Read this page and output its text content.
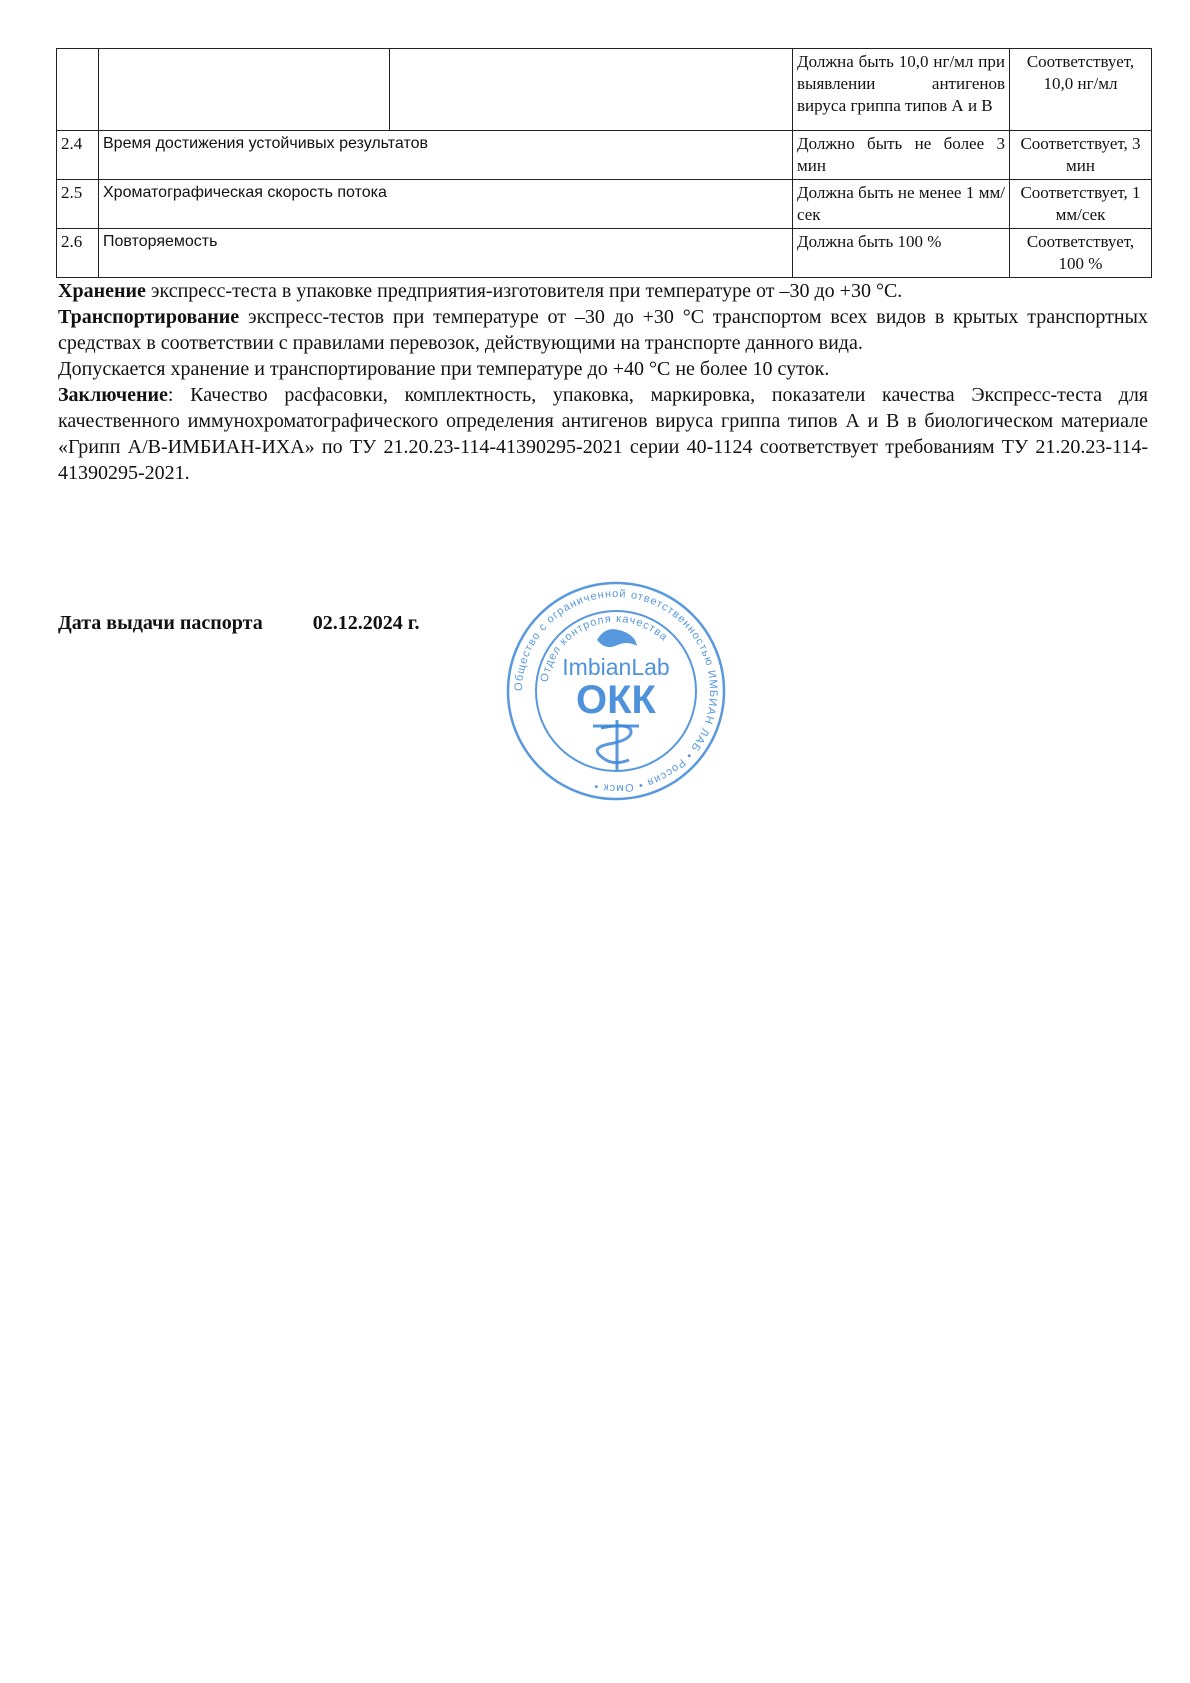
			Должна быть 10,0 нг/мл при выявлении антигенов вируса гриппа типов А и В	Соответствует, 10,0 нг/мл
2.4	Время достижения устойчивых результатов		Должно быть не более 3 мин	Соответствует, 3 мин
2.5	Хроматографическая скорость потока		Должна быть не менее 1 мм/сек	Соответствует, 1 мм/сек
2.6	Повторяемость		Должна быть 100 %	Соответствует, 100 %

Хранение экспресс-теста в упаковке предприятия-изготовителя при температуре от –30 до +30 °С.

Транспортирование экспресс-тестов при температуре от –30 до +30 °С транспортом всех видов в крытых транспортных средствах в соответствии с правилами перевозок, действующими на транспорте данного вида.

Допускается хранение и транспортирование при температуре до +40 °С не более 10 суток.

Заключение: Качество расфасовки, комплектность, упаковка, маркировка, показатели качества Экспресс-теста для качественного иммунохроматографического определения антигенов вируса гриппа типов А и В в биологическом материале «Грипп А/В-ИМБИАН-ИХА» по ТУ 21.20.23-114-41390295-2021 серии 40-1124 соответствует требованиям ТУ 21.20.23-114-41390295-2021.

Дата выдачи паспорта	02.12.2024 г.
Общество с ограниченной ответственностью ИМБИАН ЛАБ • Россия • Омск •
Отдел контроля качества
ImbianLab
ОКК
